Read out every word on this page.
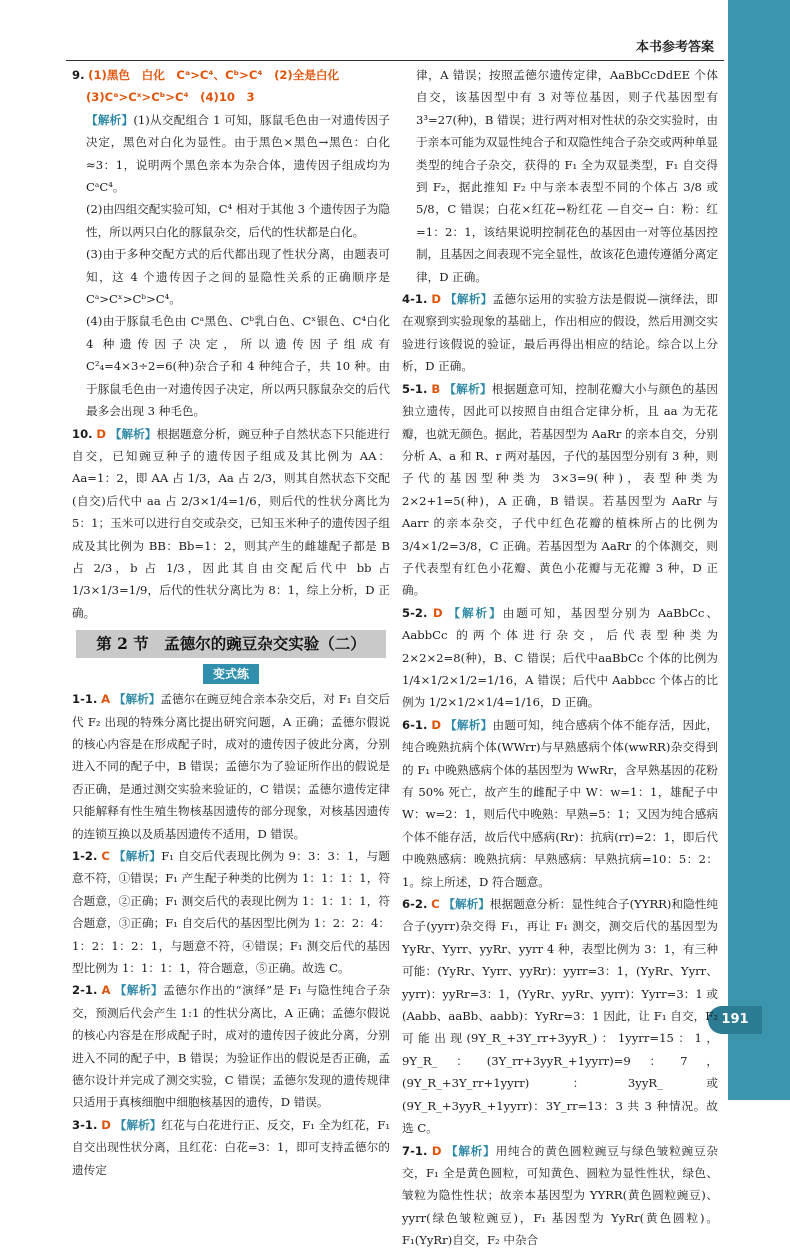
191
本书参考答案

9. (1)黑色　白化　Cᵃ>C⁴、Cᵇ>C⁴　(2)全是白化

(3)Cᵃ>Cˣ>Cᵇ>C⁴　(4)10　3

【解析】(1)从交配组合 1 可知，豚鼠毛色由一对遗传因子决定，黑色对白化为显性。由于黑色×黑色→黑色：白化≈3：1，说明两个黑色亲本为杂合体，遗传因子组成均为CᵃC⁴。

(2)由四组交配实验可知，C⁴ 相对于其他 3 个遗传因子为隐性，所以两只白化的豚鼠杂交，后代的性状都是白化。

(3)由于多种交配方式的后代都出现了性状分离，由题表可知，这 4 个遗传因子之间的显隐性关系的正确顺序是 Cᵃ>Cˣ>Cᵇ>C⁴。

(4)由于豚鼠毛色由 Cᵃ黑色、Cᵇ乳白色、Cˣ银色、C⁴白化 4 种遗传因子决定，所以遗传因子组成有 C²₄=4×3÷2=6(种)杂合子和 4 种纯合子，共 10 种。由于豚鼠毛色由一对遗传因子决定，所以两只豚鼠杂交的后代最多会出现 3 种毛色。

10. D 【解析】根据题意分析，豌豆种子自然状态下只能进行自交，已知豌豆种子的遗传因子组成及其比例为 AA：Aa=1：2，即 AA 占 1/3，Aa 占 2/3，则其自然状态下交配(自交)后代中 aa 占 2/3×1/4=1/6，则后代的性状分离比为 5：1；玉米可以进行自交或杂交，已知玉米种子的遗传因子组成及其比例为 BB：Bb=1：2，则其产生的雌雄配子都是 B 占 2/3，b 占 1/3，因此其自由交配后代中 bb 占 1/3×1/3=1/9，后代的性状分离比为 8：1，综上分析，D 正确。

第 2 节　孟德尔的豌豆杂交实验（二）
变式练

1-1. A 【解析】孟德尔在豌豆纯合亲本杂交后，对 F₁ 自交后代 F₂ 出现的特殊分离比提出研究问题，A 正确；孟德尔假说的核心内容是在形成配子时，成对的遗传因子彼此分离，分别进入不同的配子中，B 错误；孟德尔为了验证所作出的假说是否正确，是通过测交实验来验证的，C 错误；孟德尔遗传定律只能解释有性生殖生物核基因遗传的部分现象，对核基因遗传的连锁互换以及质基因遗传不适用，D 错误。

1-2. C 【解析】F₁ 自交后代表现比例为 9：3：3：1，与题意不符，①错误；F₁ 产生配子种类的比例为 1：1：1：1，符合题意，②正确；F₁ 测交后代的表现比例为 1：1：1：1，符合题意，③正确；F₁ 自交后代的基因型比例为 1：2：2：4：1：2：1：2：1，与题意不符，④错误；F₁ 测交后代的基因型比例为 1：1：1：1，符合题意，⑤正确。故选 C。

2-1. A 【解析】孟德尔作出的“演绎”是 F₁ 与隐性纯合子杂交，预测后代会产生 1:1 的性状分离比，A 正确；孟德尔假说的核心内容是在形成配子时，成对的遗传因子彼此分离，分别进入不同的配子中，B 错误；为验证作出的假说是否正确，孟德尔设计并完成了测交实验，C 错误；孟德尔发现的遗传规律只适用于真核细胞中细胞核基因的遗传，D 错误。

3-1. D 【解析】红花与白花进行正、反交，F₁ 全为红花，F₁ 自交出现性状分离，且红花：白花=3：1，即可支持孟德尔的遗传定

律，A 错误；按照孟德尔遗传定律，AaBbCcDdEE 个体自交，该基因型中有 3 对等位基因，则子代基因型有 3³=27(种)，B 错误；进行两对相对性状的杂交实验时，由于亲本可能为双显性纯合子和双隐性纯合子杂交或两种单显类型的纯合子杂交，获得的 F₁ 全为双显类型，F₁ 自交得到 F₂，据此推知 F₂ 中与亲本表型不同的个体占 3/8 或 5/8，C 错误；白花×红花→粉红花 —自交→ 白：粉：红=1：2：1，该结果说明控制花色的基因由一对等位基因控制，且基因之间表现不完全显性，故该花色遗传遵循分离定律，D 正确。

4-1. D 【解析】孟德尔运用的实验方法是假说—演绎法，即在观察到实验现象的基础上，作出相应的假设，然后用测交实验进行该假说的验证，最后再得出相应的结论。综合以上分析，D 正确。

5-1. B 【解析】根据题意可知，控制花瓣大小与颜色的基因独立遗传，因此可以按照自由组合定律分析，且 aa 为无花瓣，也就无颜色。据此，若基因型为 AaRr 的亲本自交，分别分析 A、a 和 R、r 两对基因，子代的基因型分别有 3 种，则子代的基因型种类为 3×3=9(种)，表型种类为 2×2+1=5(种)，A 正确，B 错误。若基因型为 AaRr 与 Aarr 的亲本杂交，子代中红色花瓣的植株所占的比例为 3/4×1/2=3/8，C 正确。若基因型为 AaRr 的个体测交，则子代表型有红色小花瓣、黄色小花瓣与无花瓣 3 种，D 正确。

5-2. D 【解析】由题可知，基因型分别为 AaBbCc、AabbCc 的两个体进行杂交，后代表型种类为 2×2×2=8(种)，B、C 错误；后代中aaBbCc 个体的比例为 1/4×1/2×1/2=1/16，A 错误；后代中 Aabbcc 个体占的比例为 1/2×1/2×1/4=1/16，D 正确。

6-1. D 【解析】由题可知，纯合感病个体不能存活，因此，纯合晚熟抗病个体(WWrr)与早熟感病个体(wwRR)杂交得到的 F₁ 中晚熟感病个体的基因型为 WwRr，含早熟基因的花粉有 50% 死亡，故产生的雌配子中 W：w=1：1，雄配子中 W：w=2：1，则后代中晚熟：早熟=5：1；又因为纯合感病个体不能存活，故后代中感病(Rr)：抗病(rr)=2：1，即后代中晚熟感病：晚熟抗病：早熟感病：早熟抗病=10：5：2：1。综上所述，D 符合题意。

6-2. C 【解析】根据题意分析：显性纯合子(YYRR)和隐性纯合子(yyrr)杂交得 F₁，再让 F₁ 测交，测交后代的基因型为 YyRr、Yyrr、yyRr、yyrr 4 种，表型比例为 3：1，有三种可能：(YyRr、Yyrr、yyRr)：yyrr=3：1，(YyRr、Yyrr、yyrr)：yyRr=3：1，(YyRr、yyRr、yyrr)：Yyrr=3：1 或(Aabb、aaBb、aabb)：YyRr=3：1 因此，让 F₁ 自交，F₂ 可能出现(9Y_R_+3Y_rr+3yyR_)：1yyrr=15：1，9Y_R_：(3Y_rr+3yyR_+1yyrr)=9：7，(9Y_R_+3Y_rr+1yyrr)：3yyR_或(9Y_R_+3yyR_+1yyrr)：3Y_rr=13：3 共 3 种情况。故选 C。

7-1. D 【解析】用纯合的黄色圆粒豌豆与绿色皱粒豌豆杂交，F₁ 全是黄色圆粒，可知黄色、圆粒为显性性状，绿色、皱粒为隐性性状；故亲本基因型为 YYRR(黄色圆粒豌豆)、yyrr(绿色皱粒豌豆)，F₁ 基因型为 YyRr(黄色圆粒)。F₁(YyRr)自交，F₂ 中杂合
